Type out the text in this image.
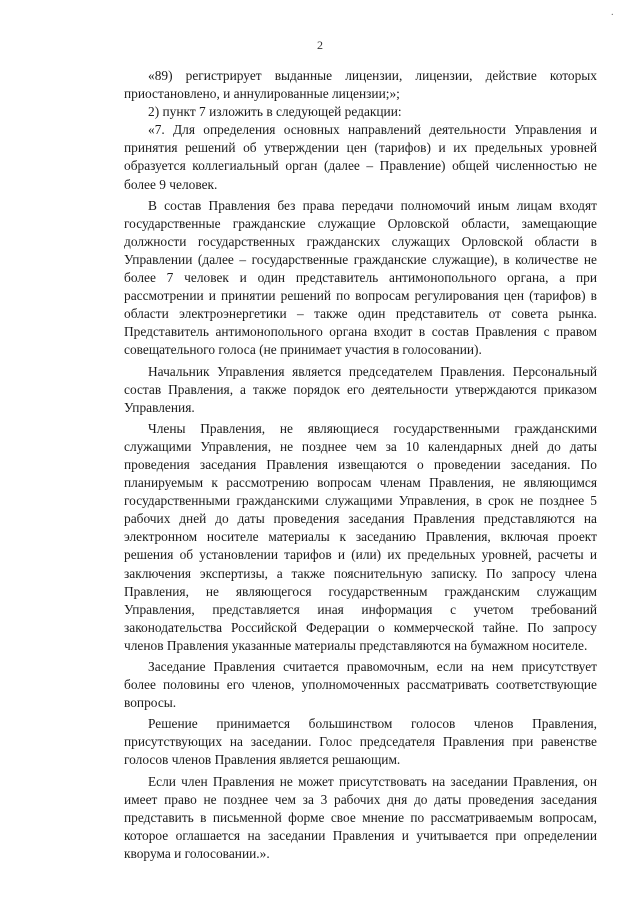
·
2

«89) регистрирует выданные лицензии, лицензии, действие которых приостановлено, и аннулированные лицензии;»;

2) пункт 7 изложить в следующей редакции:

«7. Для определения основных направлений деятельности Управления и принятия решений об утверждении цен (тарифов) и их предельных уровней образуется коллегиальный орган (далее – Правление) общей численностью не более 9 человек.

В состав Правления без права передачи полномочий иным лицам входят государственные гражданские служащие Орловской области, замещающие должности государственных гражданских служащих Орловской области в Управлении (далее – государственные гражданские служащие), в количестве не более 7 человек и один представитель антимонопольного органа, а при рассмотрении и принятии решений по вопросам регулирования цен (тарифов) в области электроэнергетики – также один представитель от совета рынка. Представитель антимонопольного органа входит в состав Правления с правом совещательного голоса (не принимает участия в голосовании).

Начальник Управления является председателем Правления. Персональный состав Правления, а также порядок его деятельности утверждаются приказом Управления.

Члены Правления, не являющиеся государственными гражданскими служащими Управления, не позднее чем за 10 календарных дней до даты проведения заседания Правления извещаются о проведении заседания. По планируемым к рассмотрению вопросам членам Правления, не являющимся государственными гражданскими служащими Управления, в срок не позднее 5 рабочих дней до даты проведения заседания Правления представляются на электронном носителе материалы к заседанию Правления, включая проект решения об установлении тарифов и (или) их предельных уровней, расчеты и заключения экспертизы, а также пояснительную записку. По запросу члена Правления, не являющегося государственным гражданским служащим Управления, представляется иная информация с учетом требований законодательства Российской Федерации о коммерческой тайне. По запросу членов Правления указанные материалы представляются на бумажном носителе.

Заседание Правления считается правомочным, если на нем присутствует более половины его членов, уполномоченных рассматривать соответствующие вопросы.

Решение принимается большинством голосов членов Правления, присутствующих на заседании. Голос председателя Правления при равенстве голосов членов Правления является решающим.

Если член Правления не может присутствовать на заседании Правления, он имеет право не позднее чем за 3 рабочих дня до даты проведения заседания представить в письменной форме свое мнение по рассматриваемым вопросам, которое оглашается на заседании Правления и учитывается при определении кворума и голосовании.».
